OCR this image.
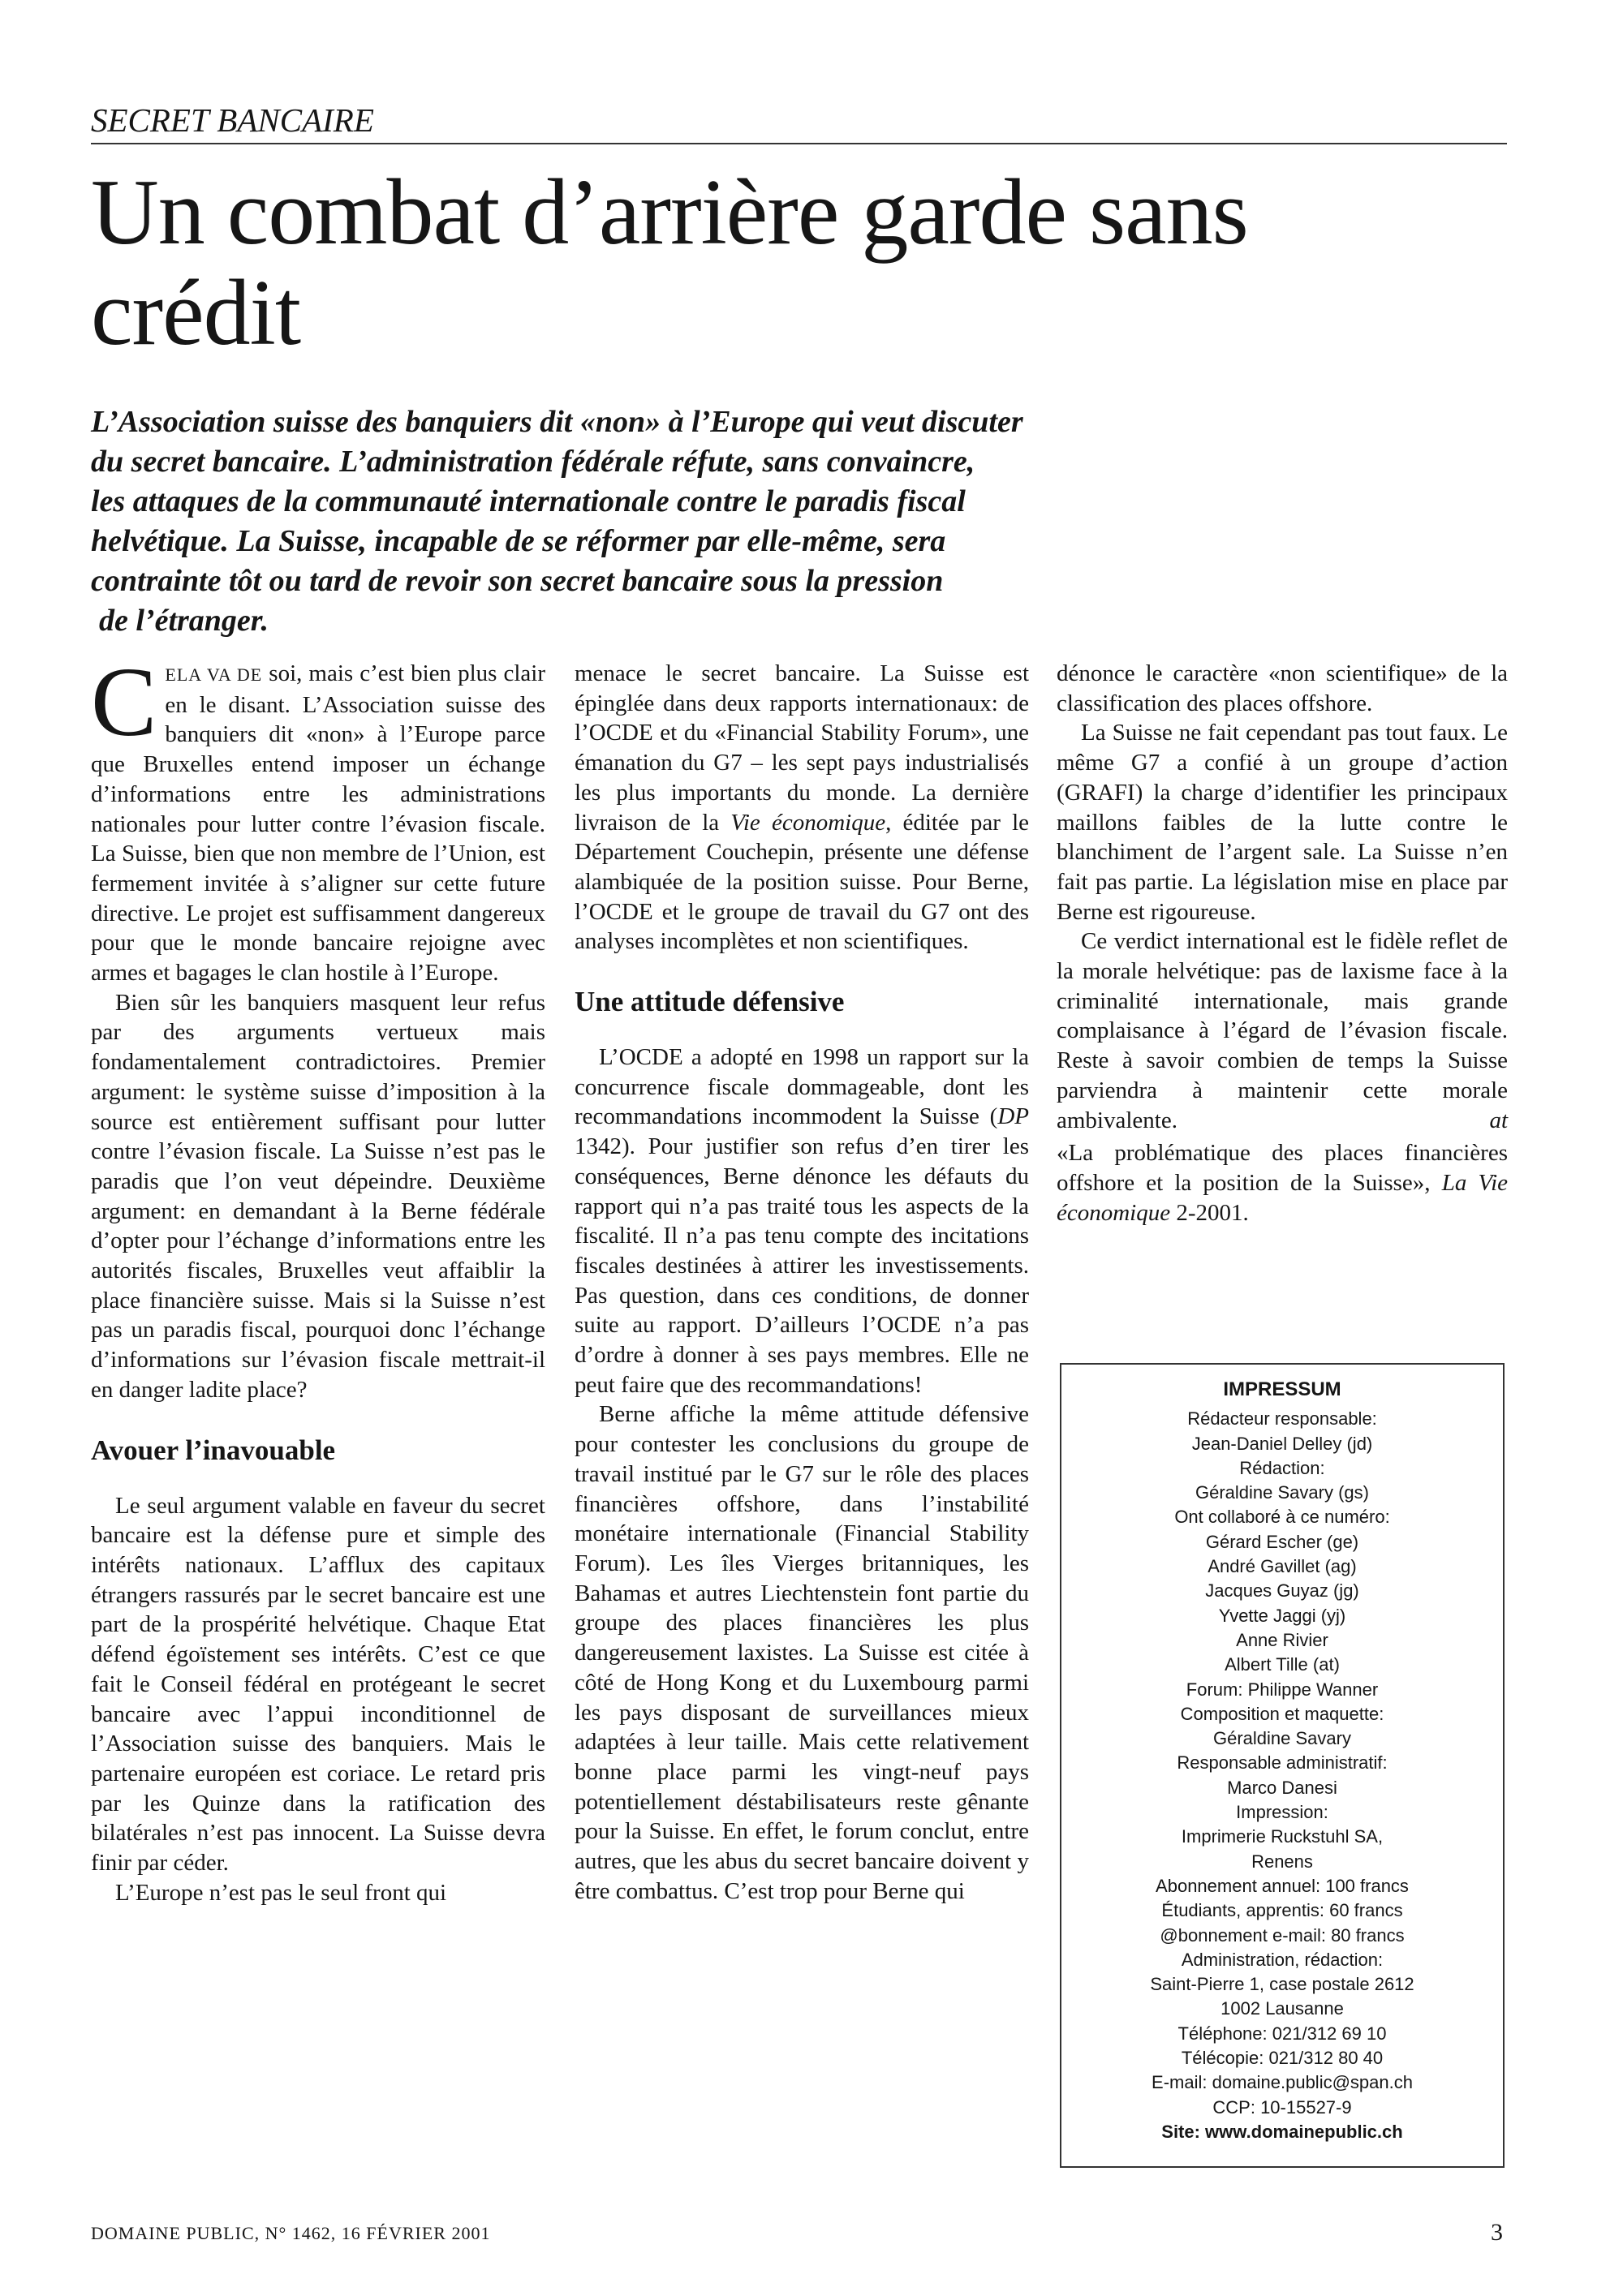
SECRET BANCAIRE
Un combat d’arrière garde sans crédit
L’Association suisse des banquiers dit «non» à l’Europe qui veut discuter
du secret bancaire. L’administration fédérale réfute, sans convaincre,
les attaques de la communauté internationale contre le paradis fiscal
helvétique. La Suisse, incapable de se réformer par elle-même, sera
contrainte tôt ou tard de revoir son secret bancaire sous la pression
de l’étranger.

CELA VA DE soi, mais c’est bien plus clair en le disant. L’Association suisse des banquiers dit «non» à l’Europe parce que Bruxelles entend imposer un échange d’informations entre les administrations nationales pour lutter contre l’évasion fiscale. La Suisse, bien que non membre de l’Union, est fermement invitée à s’aligner sur cette future directive. Le projet est suffisamment dangereux pour que le monde bancaire rejoigne avec armes et bagages le clan hostile à l’Europe.

Bien sûr les banquiers masquent leur refus par des arguments vertueux mais fondamentalement contradictoires. Premier argument: le système suisse d’imposition à la source est entièrement suffisant pour lutter contre l’évasion fiscale. La Suisse n’est pas le paradis que l’on veut dépeindre. Deuxième argument: en demandant à la Berne fédérale d’opter pour l’échange d’informations entre les autorités fiscales, Bruxelles veut affaiblir la place financière suisse. Mais si la Suisse n’est pas un paradis fiscal, pourquoi donc l’échange d’informations sur l’évasion fiscale mettrait-il en danger ladite place?

Avouer l’inavouable

Le seul argument valable en faveur du secret bancaire est la défense pure et simple des intérêts nationaux. L’afflux des capitaux étrangers rassurés par le secret bancaire est une part de la prospérité helvétique. Chaque Etat défend égoïstement ses intérêts. C’est ce que fait le Conseil fédéral en protégeant le secret bancaire avec l’appui inconditionnel de l’Association suisse des banquiers. Mais le partenaire européen est coriace. Le retard pris par les Quinze dans la ratification des bilatérales n’est pas innocent. La Suisse devra finir par céder.

L’Europe n’est pas le seul front qui

menace le secret bancaire. La Suisse est épinglée dans deux rapports internationaux: de l’OCDE et du «Financial Stability Forum», une émanation du G7 – les sept pays industrialisés les plus importants du monde. La dernière livraison de la Vie économique, éditée par le Département Couchepin, présente une défense alambiquée de la position suisse. Pour Berne, l’OCDE et le groupe de travail du G7 ont des analyses incomplètes et non scientifiques.

Une attitude défensive

L’OCDE a adopté en 1998 un rapport sur la concurrence fiscale dommageable, dont les recommandations incommodent la Suisse (DP 1342). Pour justifier son refus d’en tirer les conséquences, Berne dénonce les défauts du rapport qui n’a pas traité tous les aspects de la fiscalité. Il n’a pas tenu compte des incitations fiscales destinées à attirer les investissements. Pas question, dans ces conditions, de donner suite au rapport. D’ailleurs l’OCDE n’a pas d’ordre à donner à ses pays membres. Elle ne peut faire que des recommandations!

Berne affiche la même attitude défensive pour contester les conclusions du groupe de travail institué par le G7 sur le rôle des places financières offshore, dans l’instabilité monétaire internationale (Financial Stability Forum). Les îles Vierges britanniques, les Bahamas et autres Liechtenstein font partie du groupe des places financières les plus dangereusement laxistes. La Suisse est citée à côté de Hong Kong et du Luxembourg parmi les pays disposant de surveillances mieux adaptées à leur taille. Mais cette relativement bonne place parmi les vingt-neuf pays potentiellement déstabilisateurs reste gênante pour la Suisse. En effet, le forum conclut, entre autres, que les abus du secret bancaire doivent y être combattus. C’est trop pour Berne qui

dénonce le caractère «non scientifique» de la classification des places offshore.

La Suisse ne fait cependant pas tout faux. Le même G7 a confié à un groupe d’action (GRAFI) la charge d’identifier les principaux maillons faibles de la lutte contre le blanchiment de l’argent sale. La Suisse n’en fait pas partie. La législation mise en place par Berne est rigoureuse.

Ce verdict international est le fidèle reflet de la morale helvétique: pas de laxisme face à la criminalité internationale, mais grande complaisance à l’égard de l’évasion fiscale. Reste à savoir combien de temps la Suisse parviendra à maintenir cette morale ambivalente.	at

«La problématique des places financières offshore et la position de la Suisse», La Vie économique 2-2001.

IMPRESSUM
Rédacteur responsable:
Jean-Daniel Delley (jd)
Rédaction:
Géraldine Savary (gs)
Ont collaboré à ce numéro:
Gérard Escher (ge)
André Gavillet (ag)
Jacques Guyaz (jg)
Yvette Jaggi (yj)
Anne Rivier
Albert Tille (at)
Forum: Philippe Wanner
Composition et maquette:
Géraldine Savary
Responsable administratif:
Marco Danesi
Impression:
Imprimerie Ruckstuhl SA,
Renens
Abonnement annuel: 100 francs
Étudiants, apprentis: 60 francs
@bonnement e-mail: 80 francs
Administration, rédaction:
Saint-Pierre 1, case postale 2612
1002 Lausanne
Téléphone: 021/312 69 10
Télécopie: 021/312 80 40
E-mail: domaine.public@span.ch
CCP: 10-15527-9
Site: www.domainepublic.ch
DOMAINE PUBLIC, N° 1462, 16 FÉVRIER 2001	3
